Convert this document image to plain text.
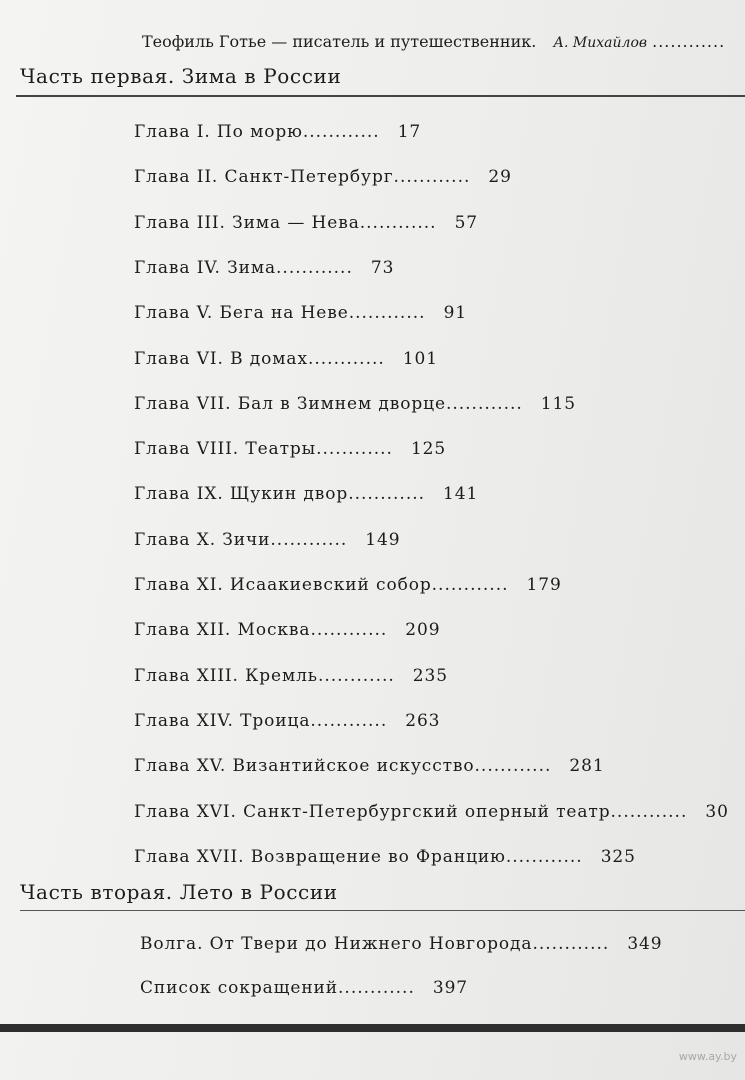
Теофиль Готье — писатель и путешественник. А. Михайлов ............
Часть первая. Зима в России
Глава I. По морю............ 17
Глава II. Санкт-Петербург............ 29
Глава III. Зима — Нева............ 57
Глава IV. Зима............ 73
Глава V. Бега на Неве............ 91
Глава VI. В домах............ 101
Глава VII. Бал в Зимнем дворце............ 115
Глава VIII. Театры............ 125
Глава IX. Щукин двор............ 141
Глава X. Зичи............ 149
Глава XI. Исаакиевский собор............ 179
Глава XII. Москва............ 209
Глава XIII. Кремль............ 235
Глава XIV. Троица............ 263
Глава XV. Византийское искусство............ 281
Глава XVI. Санкт-Петербургский оперный театр............ 30
Глава XVII. Возвращение во Францию............ 325
Часть вторая. Лето в России
Волга. От Твери до Нижнего Новгорода............ 349
Список сокращений............ 397
www.ay.by
